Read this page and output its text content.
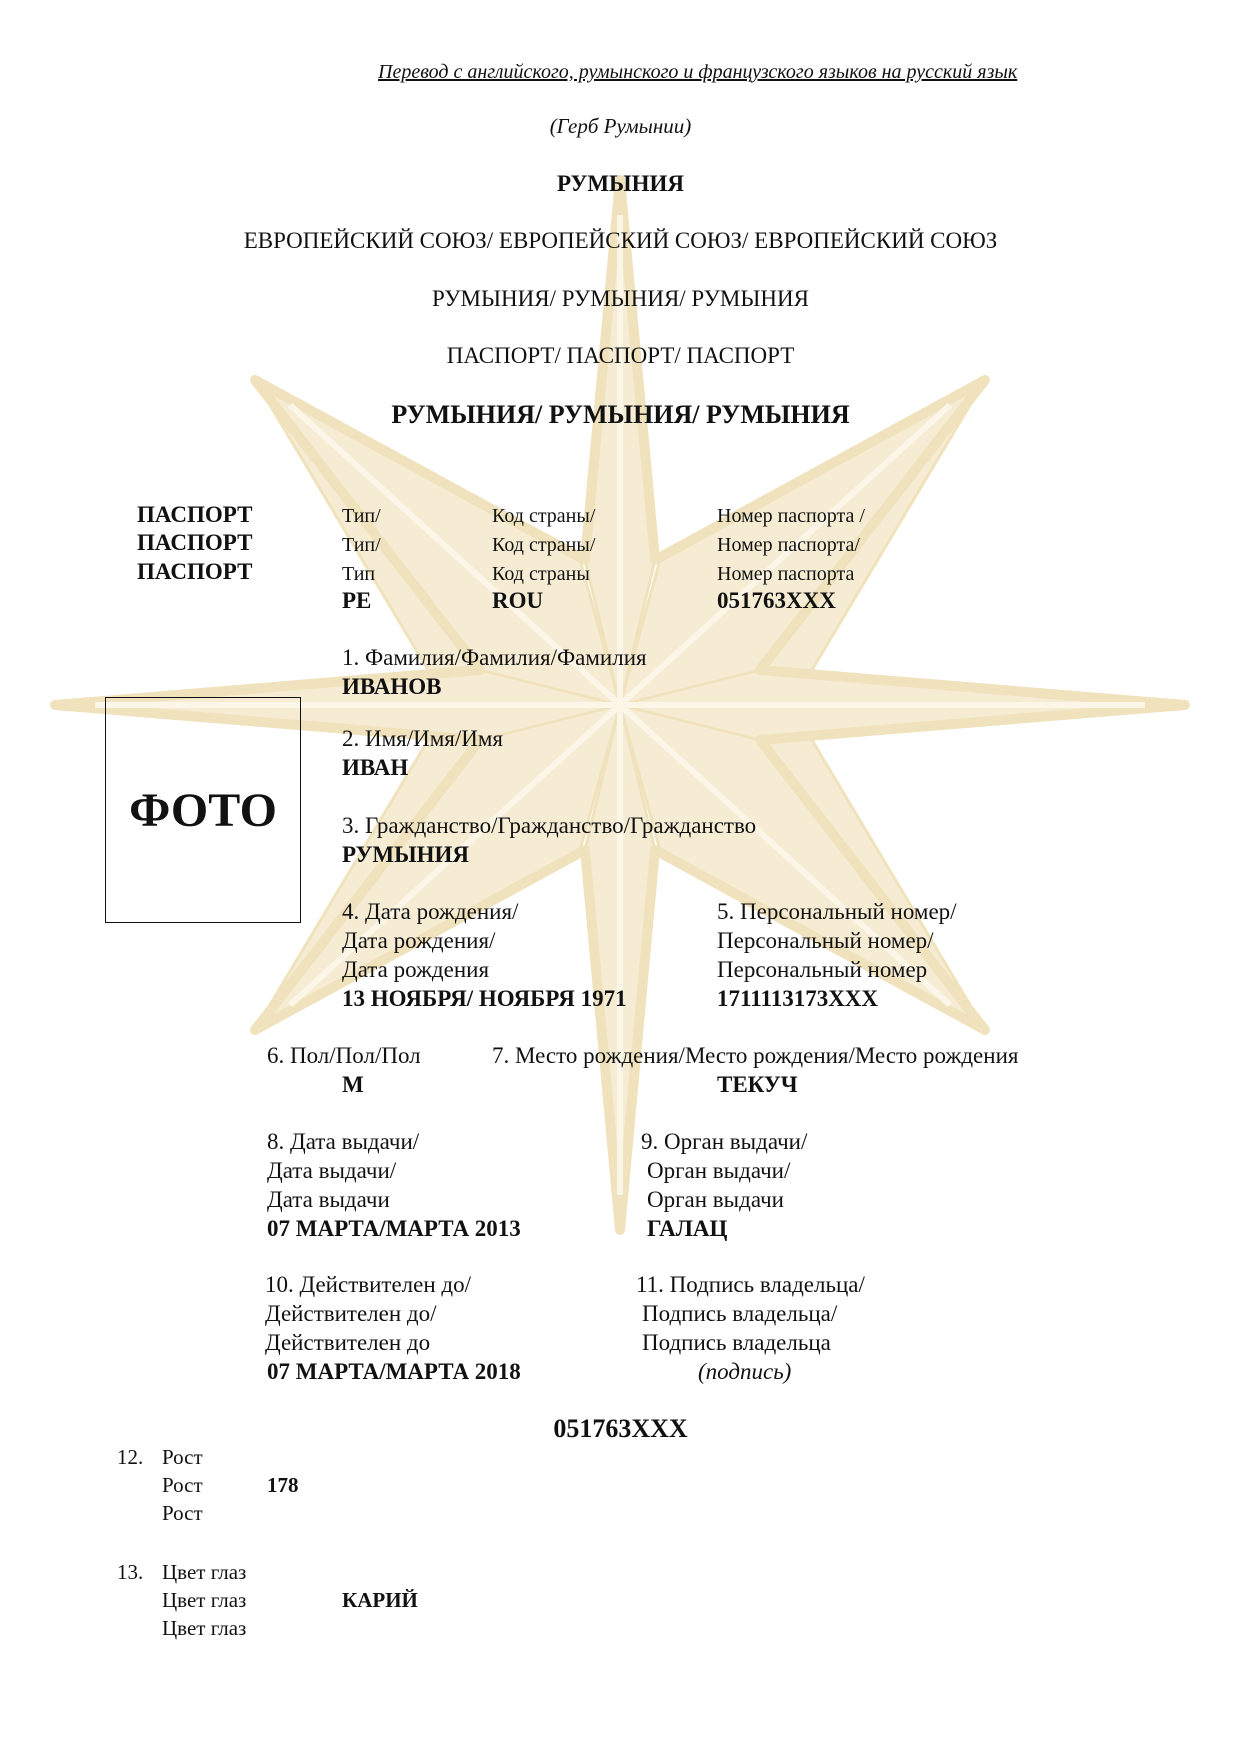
Перевод с английского, румынского и французского языков на русский язык
(Герб Румынии)
РУМЫНИЯ
ЕВРОПЕЙСКИЙ СОЮЗ/ ЕВРОПЕЙСКИЙ СОЮЗ/ ЕВРОПЕЙСКИЙ СОЮЗ
РУМЫНИЯ/ РУМЫНИЯ/ РУМЫНИЯ
ПАСПОРТ/ ПАСПОРТ/ ПАСПОРТ
РУМЫНИЯ/ РУМЫНИЯ/ РУМЫНИЯ
ПАСПОРТ
ПАСПОРТ
ПАСПОРТ
Тип/
Тип/
Тип
PE
Код страны/
Код страны/
Код страны
ROU
Номер паспорта /
Номер паспорта/
Номер паспорта
051763XXX
1. Фамилия/Фамилия/Фамилия
ИВАНОВ
ФОТО
2. Имя/Имя/Имя
ИВАН
3. Гражданство/Гражданство/Гражданство
РУМЫНИЯ
4. Дата рождения/
Дата рождения/
Дата рождения
13 НОЯБРЯ/ НОЯБРЯ 1971
5. Персональный номер/
Персональный номер/
Персональный номер
1711113173XXX
6. Пол/Пол/Пол
М
7. Место рождения/Место рождения/Место рождения
ТЕКУЧ
8. Дата выдачи/
Дата выдачи/
Дата выдачи
07 МАРТА/МАРТА 2013
9. Орган выдачи/
Орган выдачи/
Орган выдачи
ГАЛАЦ
10. Действителен до/
Действителен до/
Действителен до
07 МАРТА/МАРТА 2018
11. Подпись владельца/
Подпись владельца/
Подпись владельца
(подпись)
051763XXX
12. Рост
Рост
Рост
178
13. Цвет глаз
Цвет глаз
Цвет глаз
КАРИЙ
